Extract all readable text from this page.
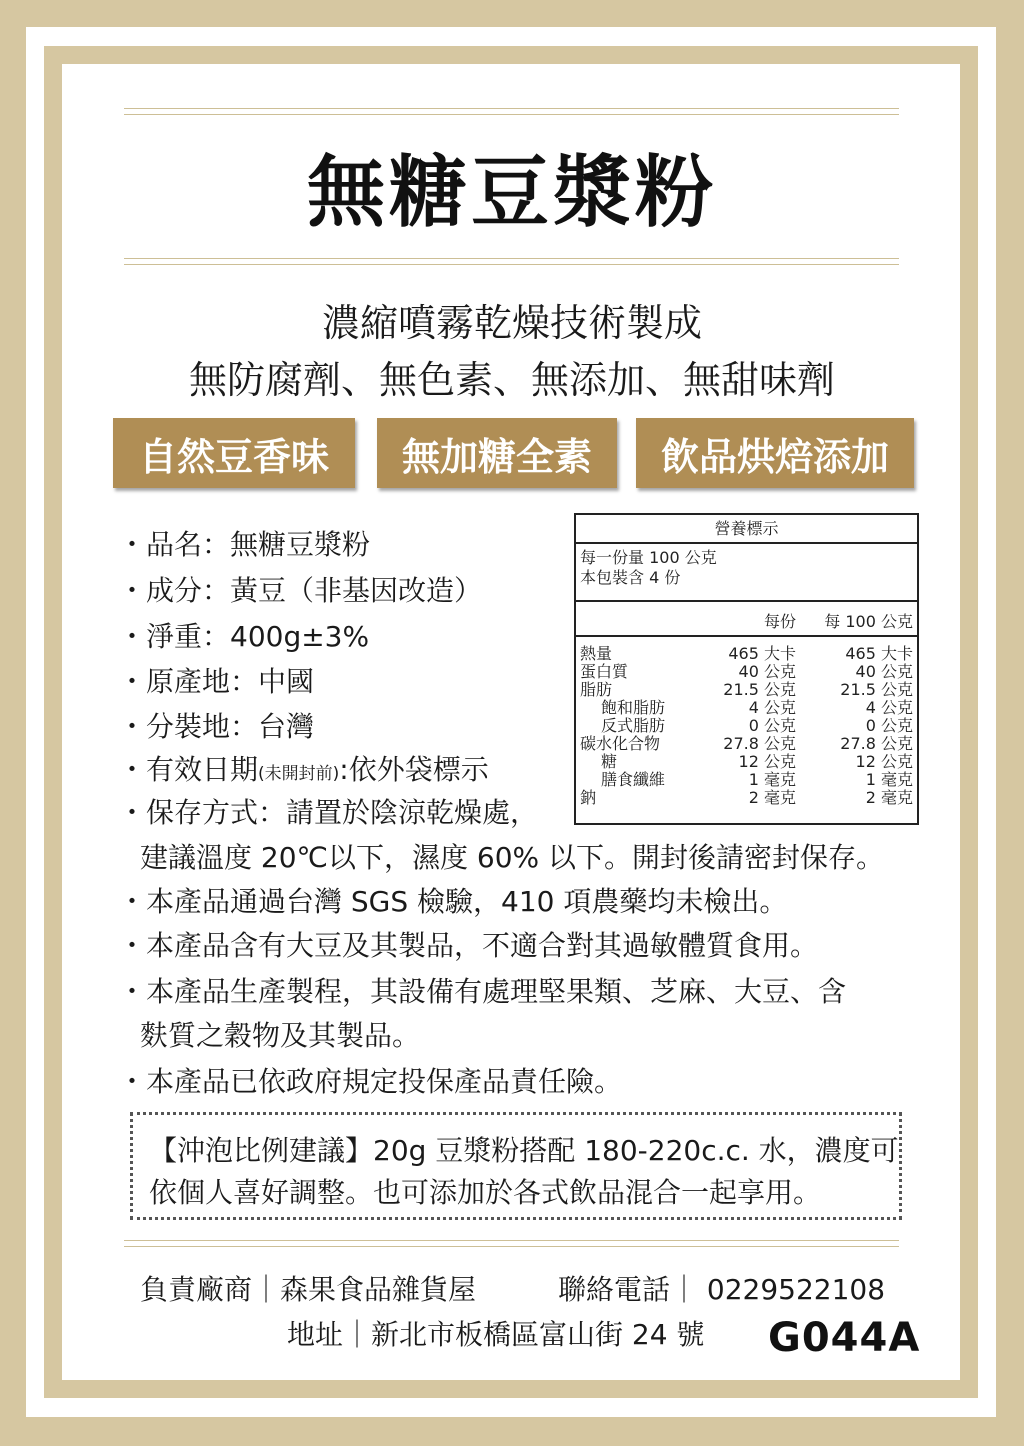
無糖豆漿粉
濃縮噴霧乾燥技術製成
無防腐劑、無色素、無添加、無甜味劑
自然豆香味	無加糖全素	飲品烘焙添加
・品名：無糖豆漿粉
・成分：黃豆（非基因改造）
・淨重：400g±3%
・原產地：中國
・分裝地：台灣
・有效日期(未開封前):依外袋標示
・保存方式：請置於陰涼乾燥處，
建議溫度 20℃以下，濕度 60% 以下。開封後請密封保存。
・本產品通過台灣 SGS 檢驗，410 項農藥均未檢出。
・本產品含有大豆及其製品，不適合對其過敏體質食用。
・本產品生產製程，其設備有處理堅果類、芝麻、大豆、含
麩質之穀物及其製品。
・本產品已依政府規定投保產品責任險。
營養標示
每一份量 100 公克
本包裝含 4 份
每份 每 100 公克
熱量	465 大卡	465 大卡
蛋白質	40 公克	40 公克
脂肪	21.5 公克	21.5 公克
飽和脂肪	4 公克	4 公克
反式脂肪	0 公克	0 公克
碳水化合物	27.8 公克	27.8 公克
糖	12 公克	12 公克
膳食纖維	1 毫克	1 毫克
鈉	2 毫克	2 毫克
【沖泡比例建議】20g 豆漿粉搭配 180-220c.c. 水，濃度可
依個人喜好調整。也可添加於各式飲品混合一起享用。
負責廠商｜森果食品雜貨屋	聯絡電話｜ 0229522108
地址｜新北市板橋區富山街 24 號 G044A
